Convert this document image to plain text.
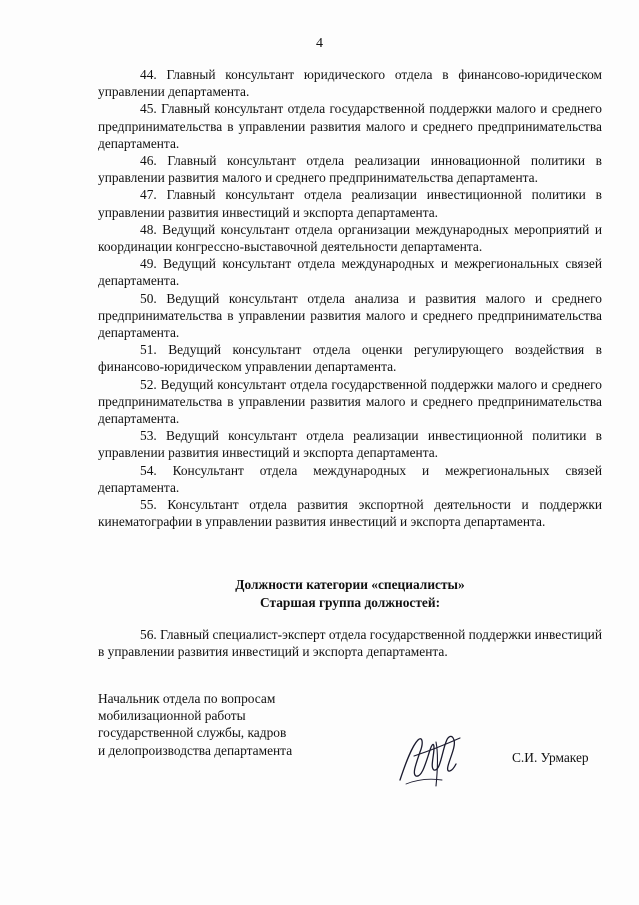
4

44. Главный консультант юридического отдела в финансово-юридическом управлении департамента.

45. Главный консультант отдела государственной поддержки малого и среднего предпринимательства в управлении развития малого и среднего предпринимательства департамента.

46. Главный консультант отдела реализации инновационной политики в управлении развития малого и среднего предпринимательства департамента.

47. Главный консультант отдела реализации инвестиционной политики в управлении развития инвестиций и экспорта департамента.

48. Ведущий консультант отдела организации международных мероприятий и координации конгрессно-выставочной деятельности департамента.

49. Ведущий консультант отдела международных и межрегиональных связей департамента.

50. Ведущий консультант отдела анализа и развития малого и среднего предпринимательства в управлении развития малого и среднего предпринимательства департамента.

51. Ведущий консультант отдела оценки регулирующего воздействия в финансово-юридическом управлении департамента.

52. Ведущий консультант отдела государственной поддержки малого и среднего предпринимательства в управлении развития малого и среднего предпринимательства департамента.

53. Ведущий консультант отдела реализации инвестиционной политики в управлении развития инвестиций и экспорта департамента.

54. Консультант отдела международных и межрегиональных связей департамента.

55. Консультант отдела развития экспортной деятельности и поддержки кинематографии в управлении развития инвестиций и экспорта департамента.

Должности категории «специалисты»
Старшая группа должностей:

56. Главный специалист-эксперт отдела государственной поддержки инвестиций в управлении развития инвестиций и экспорта департамента.

Начальник отдела по вопросам
мобилизационной работы
государственной службы, кадров
и делопроизводства департамента	С.И. Урмакер
